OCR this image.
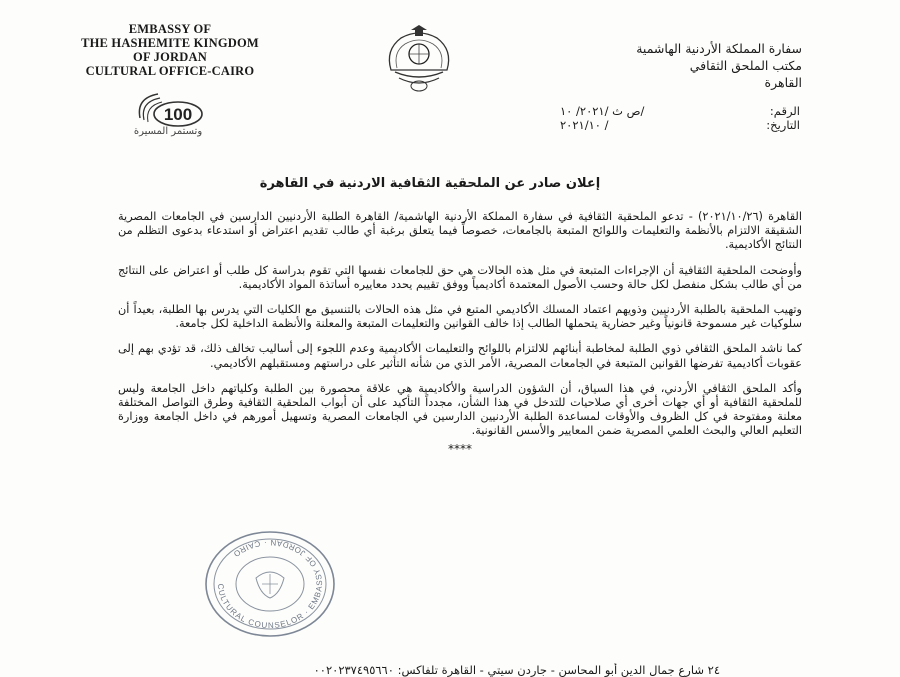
EMBASSY OF
THE HASHEMITE KINGDOM
OF JORDAN
CULTURAL OFFICE-CAIRO
100
وتستمر المسيرة
سفارة المملكة الأردنية الهاشمية
مكتب الملحق الثقافي
القاهرة
الرقم:
/ص ث /٢٠٢١/ ١٠
التاريخ:
/ ٢٠٢١/١٠
إعلان صادر عن الملحقية الثقافية الاردنية في القاهرة

القاهرة (٢٠٢١/١٠/٢٦) - تدعو الملحقية الثقافية في سفارة المملكة الأردنية الهاشمية/ القاهرة الطلبة الأردنيين الدارسين في الجامعات المصرية الشقيقة الالتزام بالأنظمة والتعليمات واللوائح المتبعة بالجامعات، خصوصاً فيما يتعلق برغبة أي طالب تقديم اعتراض أو استدعاء بدعوى التظلم من النتائج الأكاديمية.

وأوضحت الملحقية الثقافية أن الإجراءات المتبعة في مثل هذه الحالات هي حق للجامعات نفسها التي تقوم بدراسة كل طلب أو اعتراض على النتائج من أي طالب بشكل منفصل لكل حالة وحسب الأصول المعتمدة أكاديمياً ووفق تقييم يحدد معاييره أساتذة المواد الأكاديمية.

وتهيب الملحقية بالطلبة الأردنيين وذويهم اعتماد المسلك الأكاديمي المتبع في مثل هذه الحالات بالتنسيق مع الكليات التي يدرس بها الطلبة، بعيداً أن سلوكيات غير مسموحة قانونياً وغير حضارية يتحملها الطالب إذا خالف القوانين والتعليمات المتبعة والمعلنة والأنظمة الداخلية لكل جامعة.

كما ناشد الملحق الثقافي ذوي الطلبة لمخاطبة أبنائهم للالتزام باللوائح والتعليمات الأكاديمية وعدم اللجوء إلى أساليب تخالف ذلك، قد تؤدي بهم إلى عقوبات أكاديمية تفرضها القوانين المتبعة في الجامعات المصرية، الأمر الذي من شأنه التأثير على دراستهم ومستقبلهم الأكاديمي.

وأكد الملحق الثقافي الأردني، في هذا السياق، أن الشؤون الدراسية والأكاديمية هي علاقة محصورة بين الطلبة وكلياتهم داخل الجامعة وليس للملحقية الثقافية أو أي جهات أخرى أي صلاحيات للتدخل في هذا الشأن، مجدداً التأكيد على أن أبواب الملحقية الثقافية وطرق التواصل المختلفة معلنة ومفتوحة في كل الظروف والأوقات لمساعدة الطلبة الأردنيين الدارسين في الجامعات المصرية وتسهيل أمورهم في داخل الجامعة ووزارة التعليم العالي والبحث العلمي المصرية ضمن المعايير والأسس القانونية.

****
CULTURAL COUNSELOR · EMBASSY OF JORDAN · CAIRO
٢٤ شارع جمال الدين أبو المحاسن - جاردن سيتي - القاهرة تلفاكس: ٠٠٢٠٢٣٧٤٩٥٦٦٠
